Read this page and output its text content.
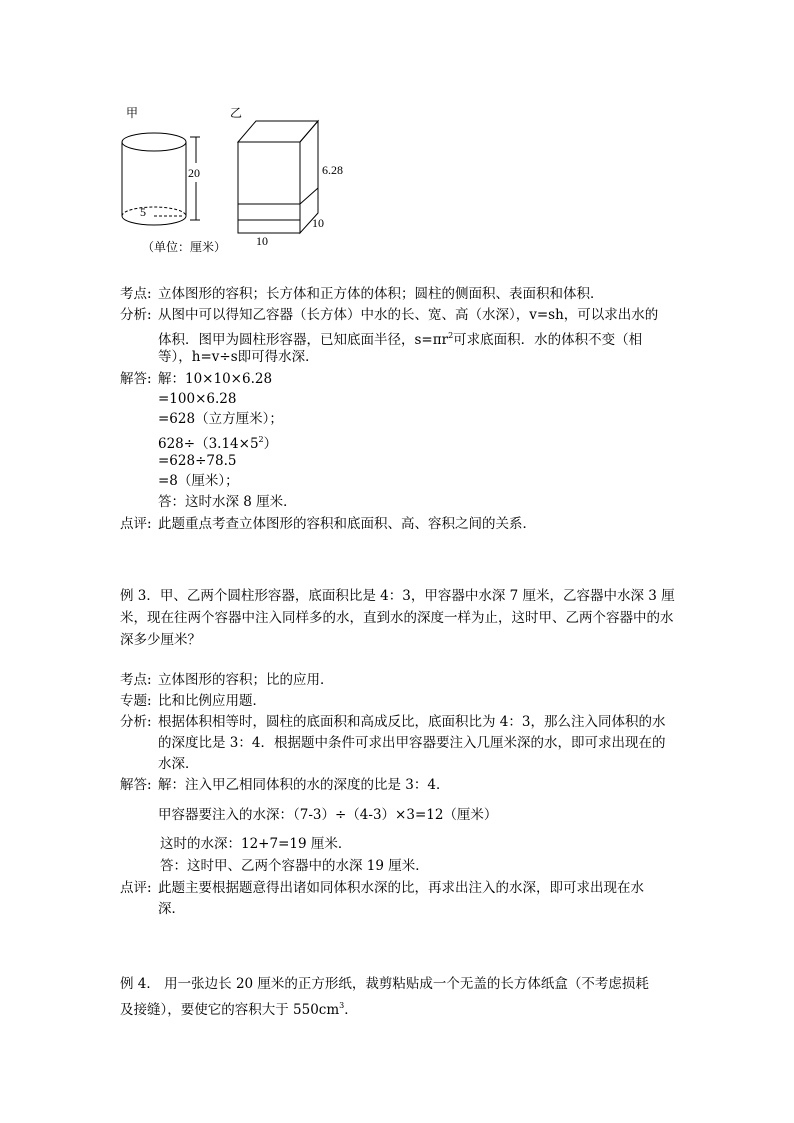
甲	乙
20
5
6.28
10
10
（单位：厘米）
考点: 立体图形的容积；长方体和正方体的体积；圆柱的侧面积、表面积和体积．
分析: 从图中可以得知乙容器（长方体）中水的长、宽、高（水深），v=sh，可以求出水的
体积．图甲为圆柱形容器，已知底面半径，$s=\pi r^2$可求底面积．水的体积不变（相
等），h=v÷s即可得水深．
解答: 解：10×10×6.28
=100×6.28
=628（立方厘米）；
$628\div(3.14\times 5^2)$
=628÷78.5
=8（厘米）；
答：这时水深 8 厘米．
点评: 此题重点考查立体图形的容积和底面积、高、容积之间的关系．
例 3．甲、乙两个圆柱形容器，底面积比是 4：3，甲容器中水深 7 厘米，乙容器中水深 3 厘米，现在往两个容器中注入同样多的水，直到水的深度一样为止，这时甲、乙两个容器中的水深多少厘米？
考点: 立体图形的容积；比的应用．
专题: 比和比例应用题．
分析: 根据体积相等时，圆柱的底面积和高成反比，底面积比为 4：3，那么注入同体积的水
的深度比是 3：4．根据题中条件可求出甲容器要注入几厘米深的水，即可求出现在的
水深．
解答: 解：注入甲乙相同体积的水的深度的比是 3：4．
甲容器要注入的水深：（7-3）÷（4-3）×3=12（厘米）
这时的水深：12+7=19 厘米．
答：这时甲、乙两个容器中的水深 19 厘米．
点评: 此题主要根据题意得出诸如同体积水深的比，再求出注入的水深，即可求出现在水
深．
例 4． 用一张边长 20 厘米的正方形纸，裁剪粘贴成一个无盖的长方体纸盒（不考虑损耗
及接缝），要使它的容积大于 $550cm^3$．
